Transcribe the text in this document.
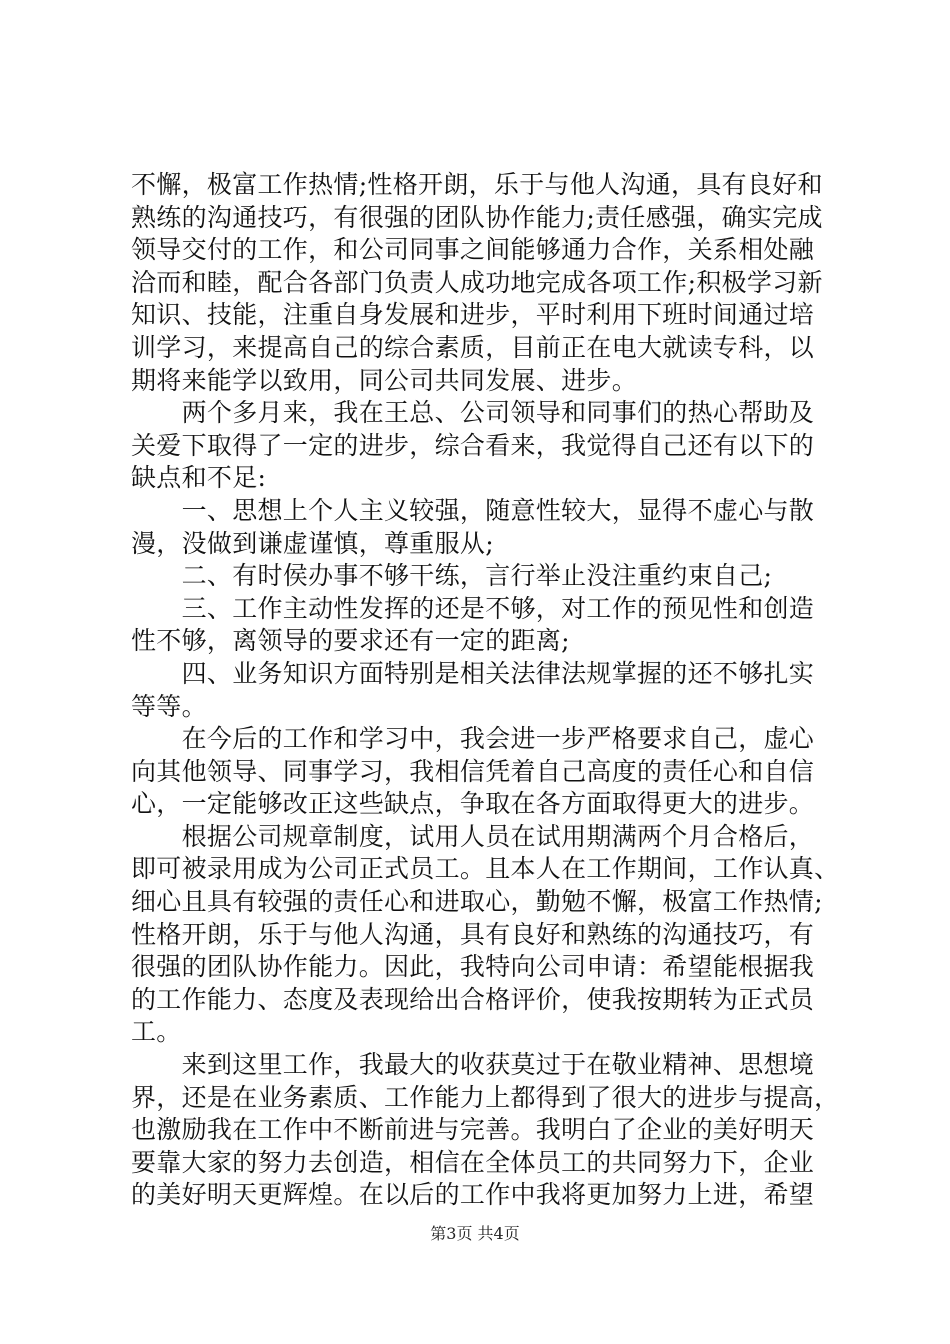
不懈，极富工作热情;性格开朗，乐于与他人沟通，具有良好和
熟练的沟通技巧，有很强的团队协作能力;责任感强，确实完成
领导交付的工作，和公司同事之间能够通力合作，关系相处融
洽而和睦，配合各部门负责人成功地完成各项工作;积极学习新
知识、技能，注重自身发展和进步，平时利用下班时间通过培
训学习，来提高自己的综合素质，目前正在电大就读专科，以
期将来能学以致用，同公司共同发展、进步。
　　两个多月来，我在王总、公司领导和同事们的热心帮助及
关爱下取得了一定的进步，综合看来，我觉得自己还有以下的
缺点和不足:
　　一、思想上个人主义较强，随意性较大，显得不虚心与散
漫，没做到谦虚谨慎，尊重服从;
　　二、有时侯办事不够干练，言行举止没注重约束自己;
　　三、工作主动性发挥的还是不够，对工作的预见性和创造
性不够，离领导的要求还有一定的距离;
　　四、业务知识方面特别是相关法律法规掌握的还不够扎实
等等。
　　在今后的工作和学习中，我会进一步严格要求自己，虚心
向其他领导、同事学习，我相信凭着自己高度的责任心和自信
心，一定能够改正这些缺点，争取在各方面取得更大的进步。
　　根据公司规章制度，试用人员在试用期满两个月合格后，
即可被录用成为公司正式员工。且本人在工作期间，工作认真、
细心且具有较强的责任心和进取心，勤勉不懈，极富工作热情;
性格开朗，乐于与他人沟通，具有良好和熟练的沟通技巧，有
很强的团队协作能力。因此，我特向公司申请：希望能根据我
的工作能力、态度及表现给出合格评价，使我按期转为正式员
工。
　　来到这里工作，我最大的收获莫过于在敬业精神、思想境
界，还是在业务素质、工作能力上都得到了很大的进步与提高，
也激励我在工作中不断前进与完善。我明白了企业的美好明天
要靠大家的努力去创造，相信在全体员工的共同努力下，企业
的美好明天更辉煌。在以后的工作中我将更加努力上进，希望
第3页 共4页
